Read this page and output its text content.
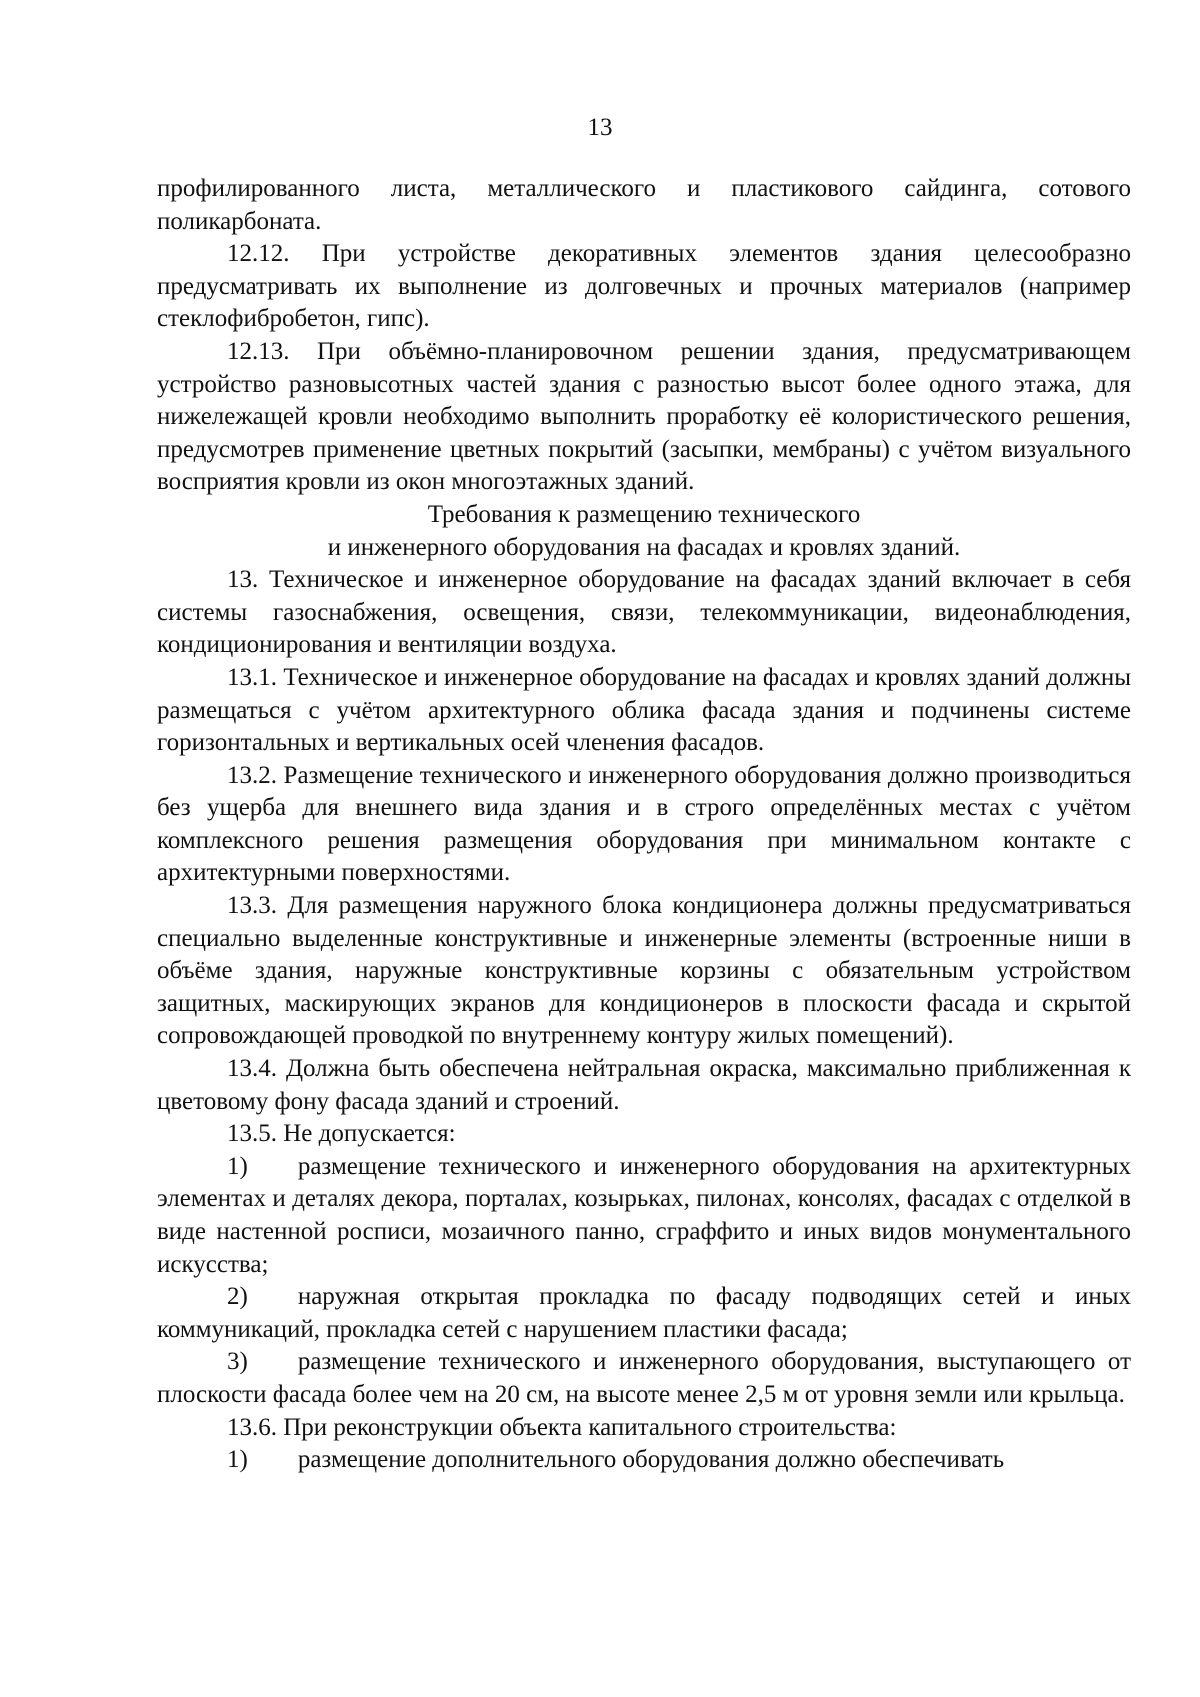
13

профилированного листа, металлического и пластикового сайдинга, сотового поликарбоната.

12.12. При устройстве декоративных элементов здания целесообразно предусматривать их выполнение из долговечных и прочных материалов (например стеклофибробетон, гипс).

12.13. При объёмно-планировочном решении здания, предусматривающем устройство разновысотных частей здания с разностью высот более одного этажа, для нижележащей кровли необходимо выполнить проработку её колористического решения, предусмотрев применение цветных покрытий (засыпки, мембраны) с учётом визуального восприятия кровли из окон многоэтажных зданий.

Требования к размещению технического
и инженерного оборудования на фасадах и кровлях зданий.

13. Техническое и инженерное оборудование на фасадах зданий включает в себя системы газоснабжения, освещения, связи, телекоммуникации, видеонаблюдения, кондиционирования и вентиляции воздуха.

13.1. Техническое и инженерное оборудование на фасадах и кровлях зданий должны размещаться с учётом архитектурного облика фасада здания и подчинены системе горизонтальных и вертикальных осей членения фасадов.

13.2. Размещение технического и инженерного оборудования должно производиться без ущерба для внешнего вида здания и в строго определённых местах с учётом комплексного решения размещения оборудования при минимальном контакте с архитектурными поверхностями.

13.3. Для размещения наружного блока кондиционера должны предусматриваться специально выделенные конструктивные и инженерные элементы (встроенные ниши в объёме здания, наружные конструктивные корзины с обязательным устройством защитных, маскирующих экранов для кондиционеров в плоскости фасада и скрытой сопровождающей проводкой по внутреннему контуру жилых помещений).

13.4. Должна быть обеспечена нейтральная окраска, максимально приближенная к цветовому фону фасада зданий и строений.

13.5. Не допускается:

1)  размещение технического и инженерного оборудования на архитектурных элементах и деталях декора, порталах, козырьках, пилонах, консолях, фасадах с отделкой в виде настенной росписи, мозаичного панно, сграффито и иных видов монументального искусства;

2)  наружная открытая прокладка по фасаду подводящих сетей и иных коммуникаций, прокладка сетей с нарушением пластики фасада;

3)  размещение технического и инженерного оборудования, выступающего от плоскости фасада более чем на 20 см, на высоте менее 2,5 м от уровня земли или крыльца.

13.6. При реконструкции объекта капитального строительства:

1)  размещение дополнительного оборудования должно обеспечивать
